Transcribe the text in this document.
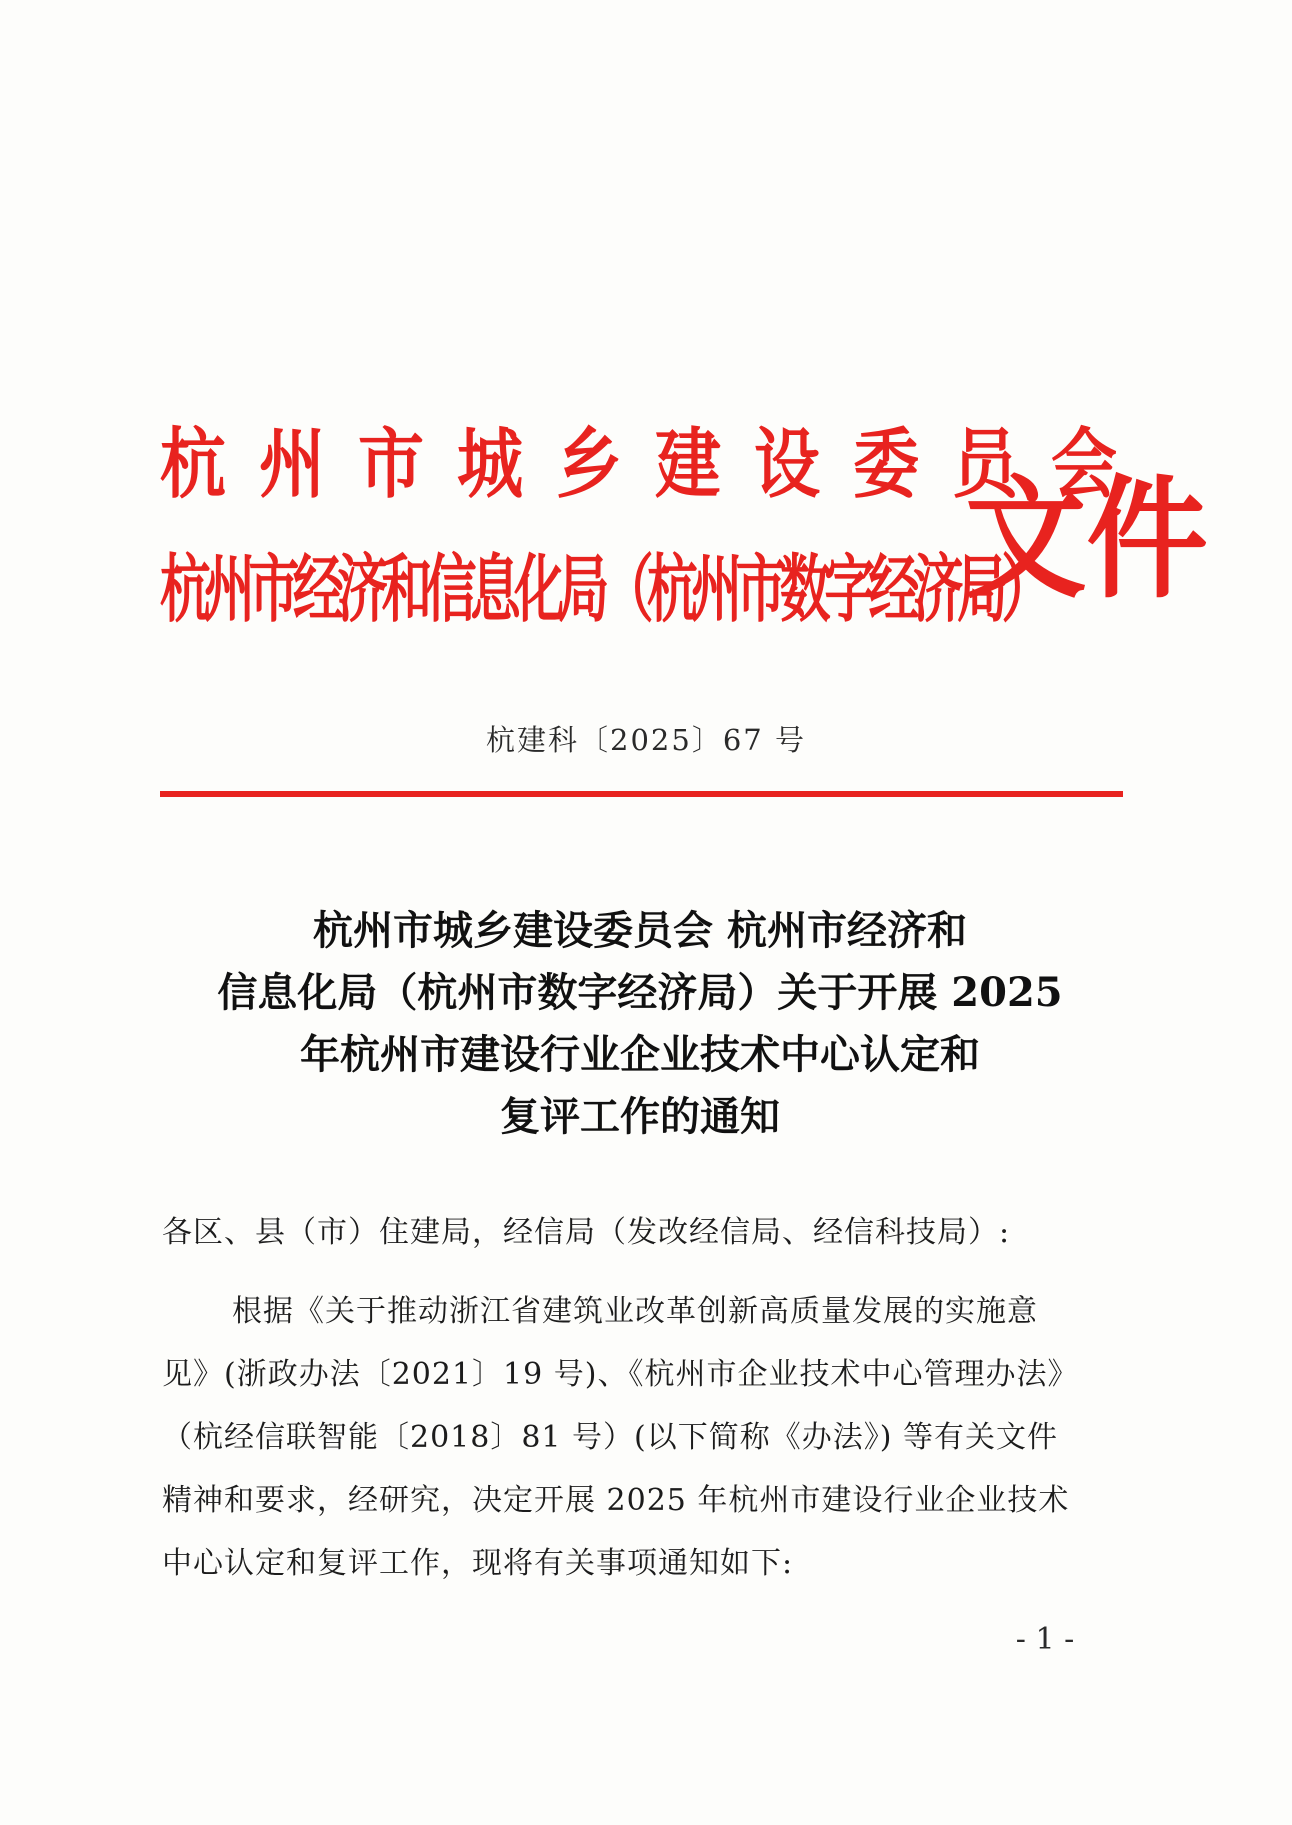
杭州市城乡建设委员会
杭州市经济和信息化局（杭州市数字经济局）
文件
杭建科〔2025〕67 号
杭州市城乡建设委员会 杭州市经济和
信息化局（杭州市数字经济局）关于开展 2025
年杭州市建设行业企业技术中心认定和
复评工作的通知
各区、县（市）住建局，经信局（发改经信局、经信科技局）:
根据《关于推动浙江省建筑业改革创新高质量发展的实施意
见》(浙政办法〔2021〕19 号)、《杭州市企业技术中心管理办法》
（杭经信联智能〔2018〕81 号）(以下简称《办法》) 等有关文件
精神和要求，经研究，决定开展 2025 年杭州市建设行业企业技术
中心认定和复评工作，现将有关事项通知如下:
- 1 -
